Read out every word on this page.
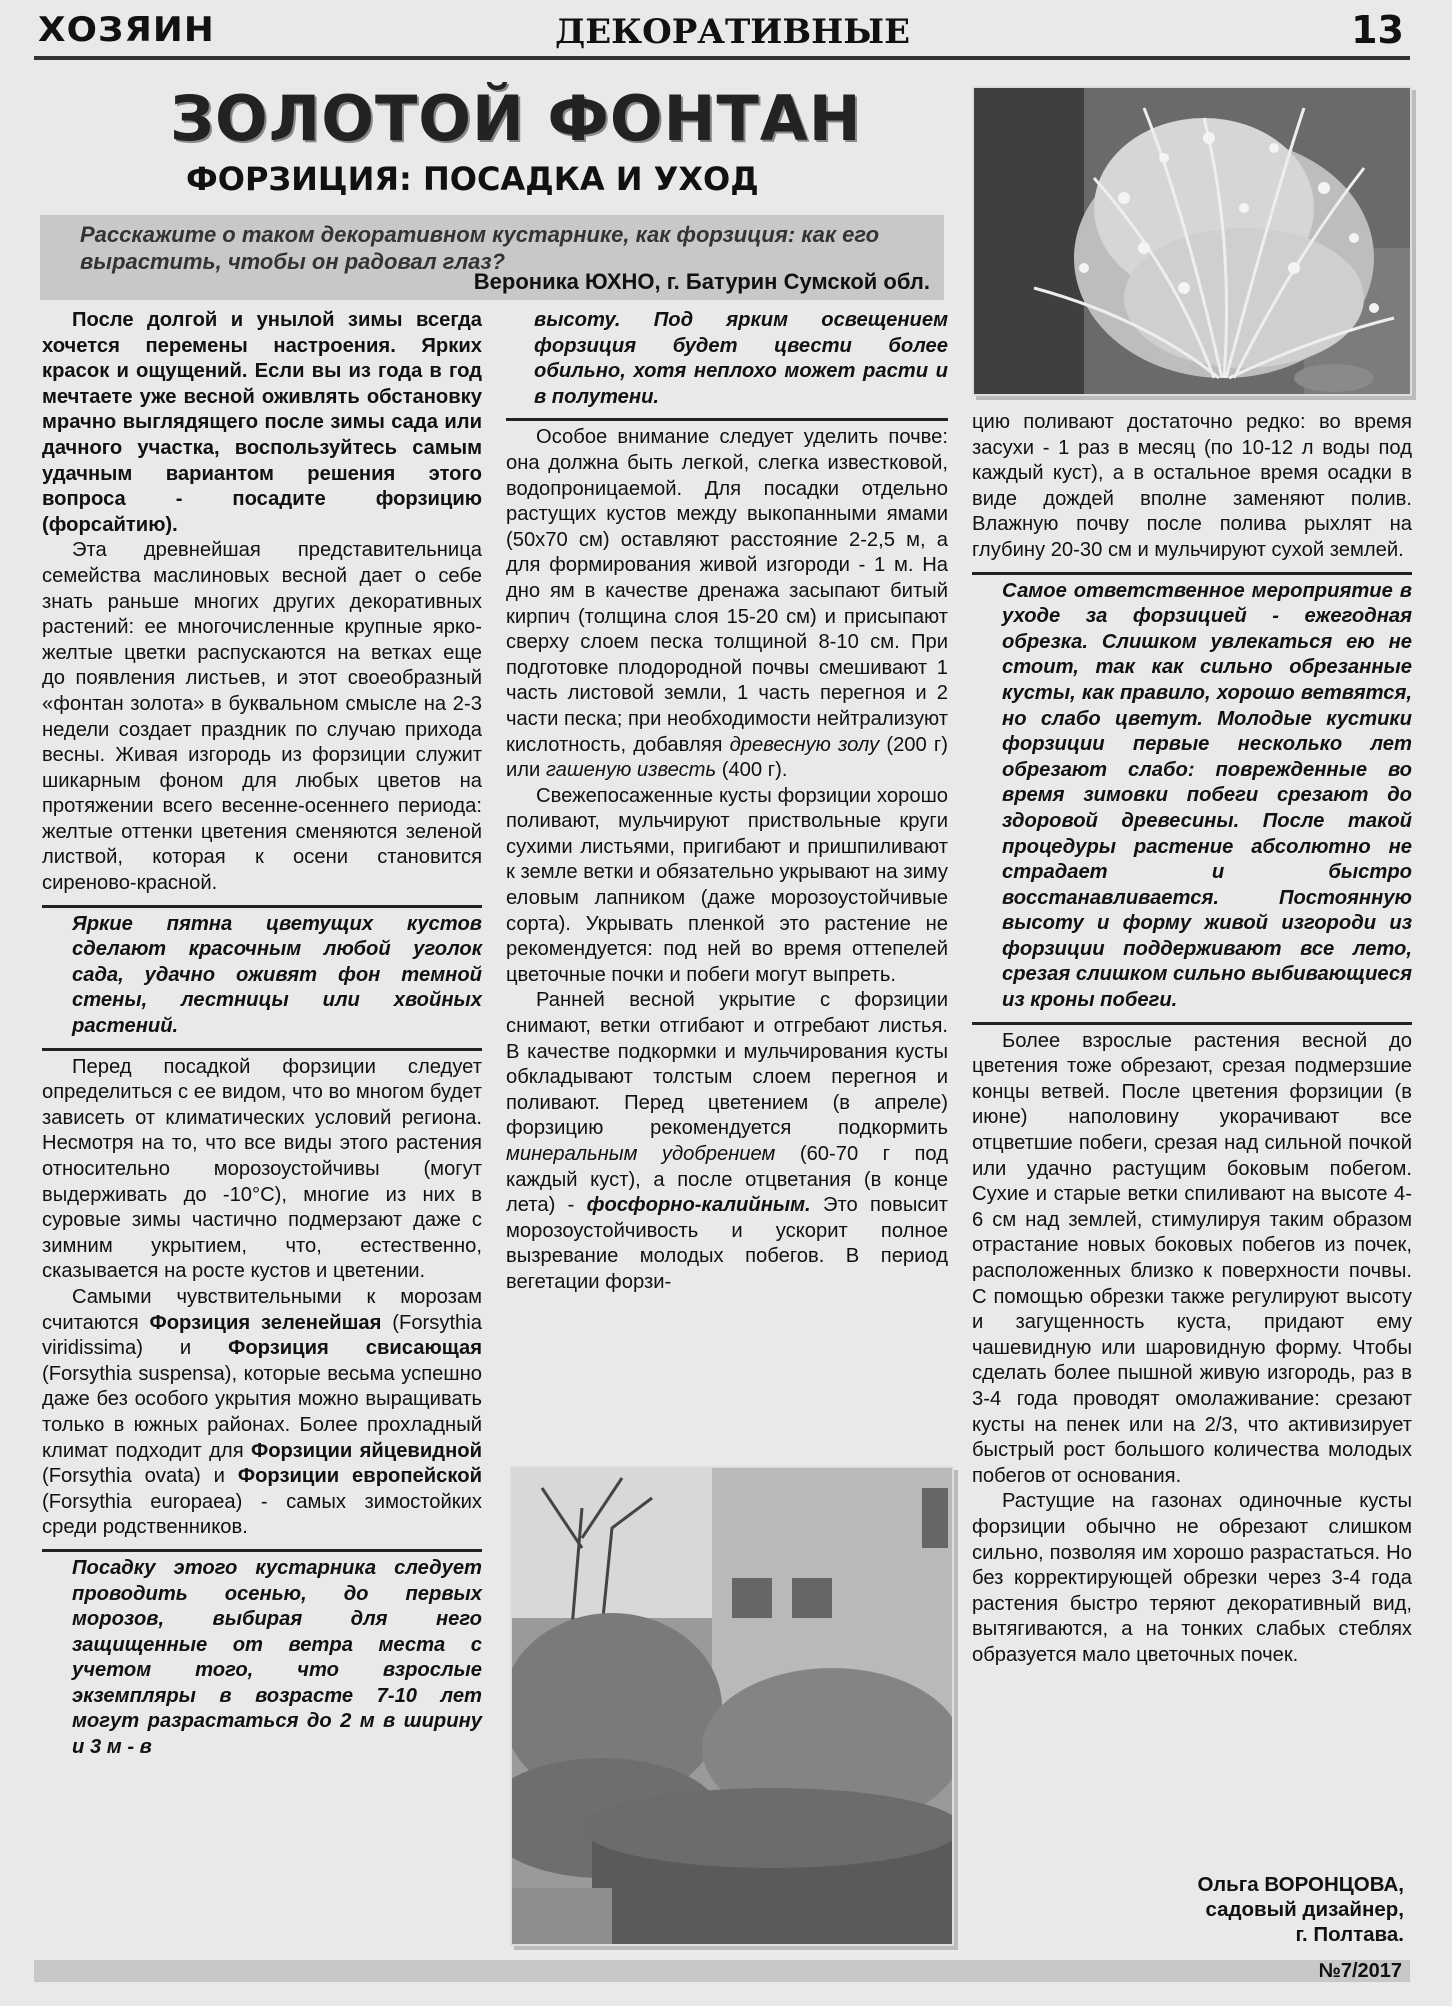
ХОЗЯИН	ДЕКОРАТИВНЫЕ	13
ЗОЛОТОЙ ФОНТАН
ФОРЗИЦИЯ: ПОСАДКА И УХОД
Расскажите о таком декоративном кустарнике, как форзиция: как его вырастить, чтобы он радовал глаз?
Вероника ЮХНО, г. Батурин Сумской обл.

После долгой и унылой зимы всегда хочется перемены настроения. Ярких красок и ощущений. Если вы из года в год мечтаете уже весной оживлять обстановку мрачно выглядящего после зимы сада или дачного участка, воспользуйтесь самым удачным вариантом решения этого вопроса - посадите форзицию (форсайтию).

Эта древнейшая представительница семейства маслиновых весной дает о себе знать раньше многих других декоративных растений: ее многочисленные крупные ярко-желтые цветки распускаются на ветках еще до появления листьев, и этот своеобразный «фонтан золота» в буквальном смысле на 2-3 недели создает праздник по случаю прихода весны. Живая изгородь из форзиции служит шикарным фоном для любых цветов на протяжении всего весенне-осеннего периода: желтые оттенки цветения сменяются зеленой листвой, которая к осени становится сиреново-красной.

Яркие пятна цветущих кустов сделают красочным любой уголок сада, удачно оживят фон темной стены, лестницы или хвойных растений.

Перед посадкой форзиции следует определиться с ее видом, что во многом будет зависеть от климатических условий региона. Несмотря на то, что все виды этого растения относительно морозоустойчивы (могут выдерживать до -10°С), многие из них в суровые зимы частично подмерзают даже с зимним укрытием, что, естественно, сказывается на росте кустов и цветении.

Самыми чувствительными к морозам считаются Форзиция зеленейшая (Forsythia viridissima) и Форзиция свисающая (Forsythia suspensa), которые весьма успешно даже без особого укрытия можно выращивать только в южных районах. Более прохладный климат подходит для Форзиции яйцевидной (Forsythia ovata) и Форзиции европейской (Forsythia europaea) - самых зимостойких среди родственников.

Посадку этого кустарника следует проводить осенью, до первых морозов, выбирая для него защищенные от ветра места с учетом того, что взрослые экземпляры в возрасте 7-10 лет могут разрастаться до 2 м в ширину и 3 м - в

высоту. Под ярким освещением форзиция будет цвести более обильно, хотя неплохо может расти и в полутени.

Особое внимание следует уделить почве: она должна быть легкой, слегка известковой, водопроницаемой. Для посадки отдельно растущих кустов между выкопанными ямами (50х70 см) оставляют расстояние 2-2,5 м, а для формирования живой изгороди - 1 м. На дно ям в качестве дренажа засыпают битый кирпич (толщина слоя 15-20 см) и присыпают сверху слоем песка толщиной 8-10 см. При подготовке плодородной почвы смешивают 1 часть листовой земли, 1 часть перегноя и 2 части песка; при необходимости нейтрализуют кислотность, добавляя древесную золу (200 г) или гашеную известь (400 г).

Свежепосаженные кусты форзиции хорошо поливают, мульчируют приствольные круги сухими листьями, пригибают и пришпиливают к земле ветки и обязательно укрывают на зиму еловым лапником (даже морозоустойчивые сорта). Укрывать пленкой это растение не рекомендуется: под ней во время оттепелей цветочные почки и побеги могут выпреть.

Ранней весной укрытие с форзиции снимают, ветки отгибают и отгребают листья. В качестве подкормки и мульчирования кусты обкладывают толстым слоем перегноя и поливают. Перед цветением (в апреле) форзицию рекомендуется подкормить минеральным удобрением (60-70 г под каждый куст), а после отцветания (в конце лета) - фосфорно-калийным. Это повысит морозоустойчивость и ускорит полное вызревание молодых побегов. В период вегетации форзи-

цию поливают достаточно редко: во время засухи - 1 раз в месяц (по 10-12 л воды под каждый куст), а в остальное время осадки в виде дождей вполне заменяют полив. Влажную почву после полива рыхлят на глубину 20-30 см и мульчируют сухой землей.

Самое ответственное мероприятие в уходе за форзицией - ежегодная обрезка. Слишком увлекаться ею не стоит, так как сильно обрезанные кусты, как правило, хорошо ветвятся, но слабо цветут. Молодые кустики форзиции первые несколько лет обрезают слабо: поврежденные во время зимовки побеги срезают до здоровой древесины. После такой процедуры растение абсолютно не страдает и быстро восстанавливается. Постоянную высоту и форму живой изгороди из форзиции поддерживают все лето, срезая слишком сильно выбивающиеся из кроны побеги.

Более взрослые растения весной до цветения тоже обрезают, срезая подмерзшие концы ветвей. После цветения форзиции (в июне) наполовину укорачивают все отцветшие побеги, срезая над сильной почкой или удачно растущим боковым побегом. Сухие и старые ветки спиливают на высоте 4-6 см над землей, стимулируя таким образом отрастание новых боковых побегов из почек, расположенных близко к поверхности почвы. С помощью обрезки также регулируют высоту и загущенность куста, придают ему чашевидную или шаровидную форму. Чтобы сделать более пышной живую изгородь, раз в 3-4 года проводят омолаживание: срезают кусты на пенек или на 2/3, что активизирует быстрый рост большого количества молодых побегов от основания.

Растущие на газонах одиночные кусты форзиции обычно не обрезают слишком сильно, позволяя им хорошо разрастаться. Но без корректирующей обрезки через 3-4 года растения быстро теряют декоративный вид, вытягиваются, а на тонких слабых стеблях образуется мало цветочных почек.

Ольга ВОРОНЦОВА,
садовый дизайнер,
г. Полтава.
№7/2017
